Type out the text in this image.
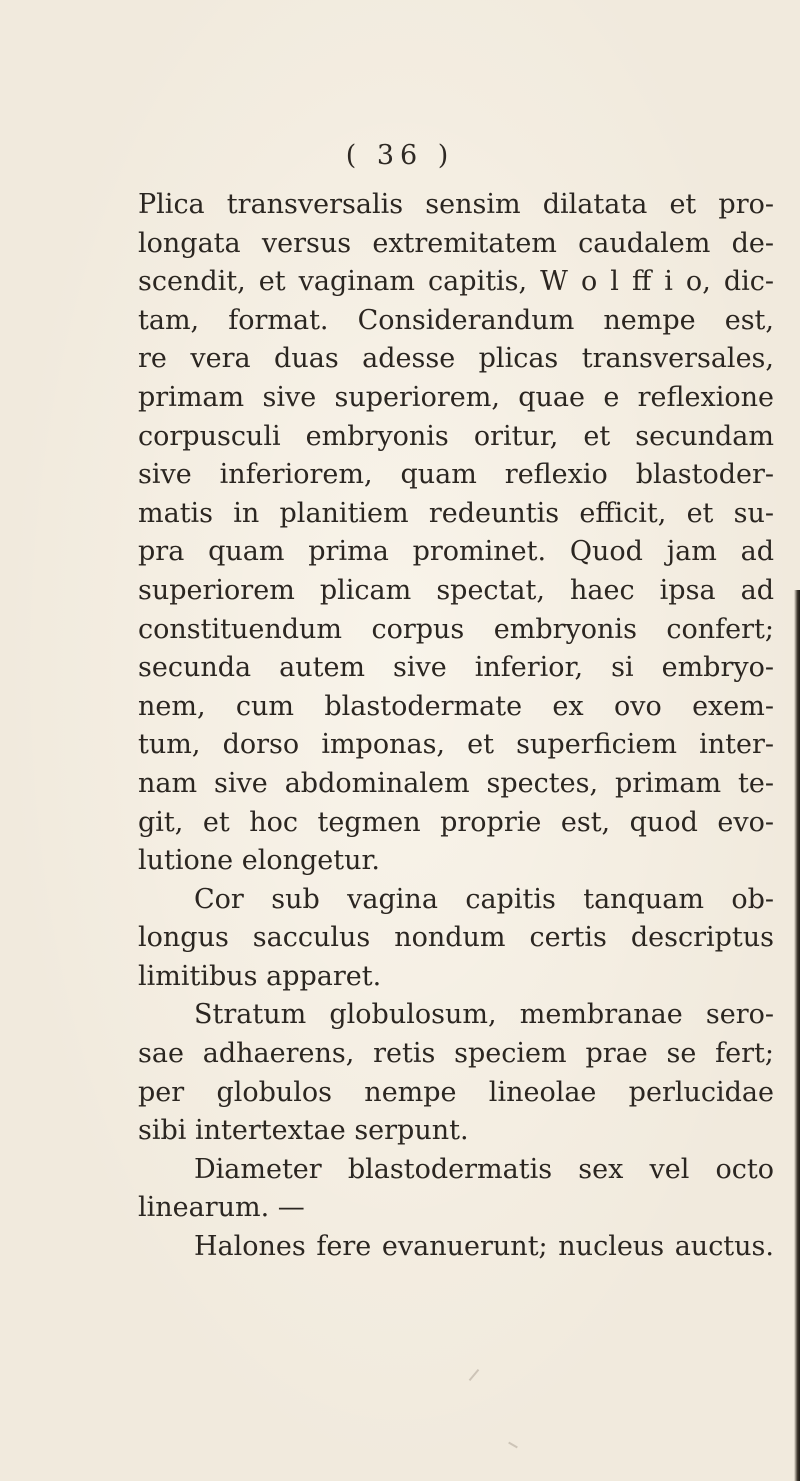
( 36 )
Plica transversalis sensim dilatata et pro-
longata versus extremitatem caudalem de-
scendit, et vaginam capitis, W o l ff i o, dic-
tam, format. Considerandum nempe est,
re vera duas adesse plicas transversales,
primam sive superiorem, quae e reflexione
corpusculi embryonis oritur, et secundam
sive inferiorem, quam reflexio blastoder-
matis in planitiem redeuntis efficit, et su-
pra quam prima prominet. Quod jam ad
superiorem plicam spectat, haec ipsa ad
constituendum corpus embryonis confert;
secunda autem sive inferior, si embryo-
nem, cum blastodermate ex ovo exem-
tum, dorso imponas, et superficiem inter-
nam sive abdominalem spectes, primam te-
git, et hoc tegmen proprie est, quod evo-
lutione elongetur.
Cor sub vagina capitis tanquam ob-
longus sacculus nondum certis descriptus
limitibus apparet.
Stratum globulosum, membranae sero-
sae adhaerens, retis speciem prae se fert;
per globulos nempe lineolae perlucidae
sibi intertextae serpunt.
Diameter blastodermatis sex vel octo
linearum. —
Halones fere evanuerunt; nucleus auctus.
